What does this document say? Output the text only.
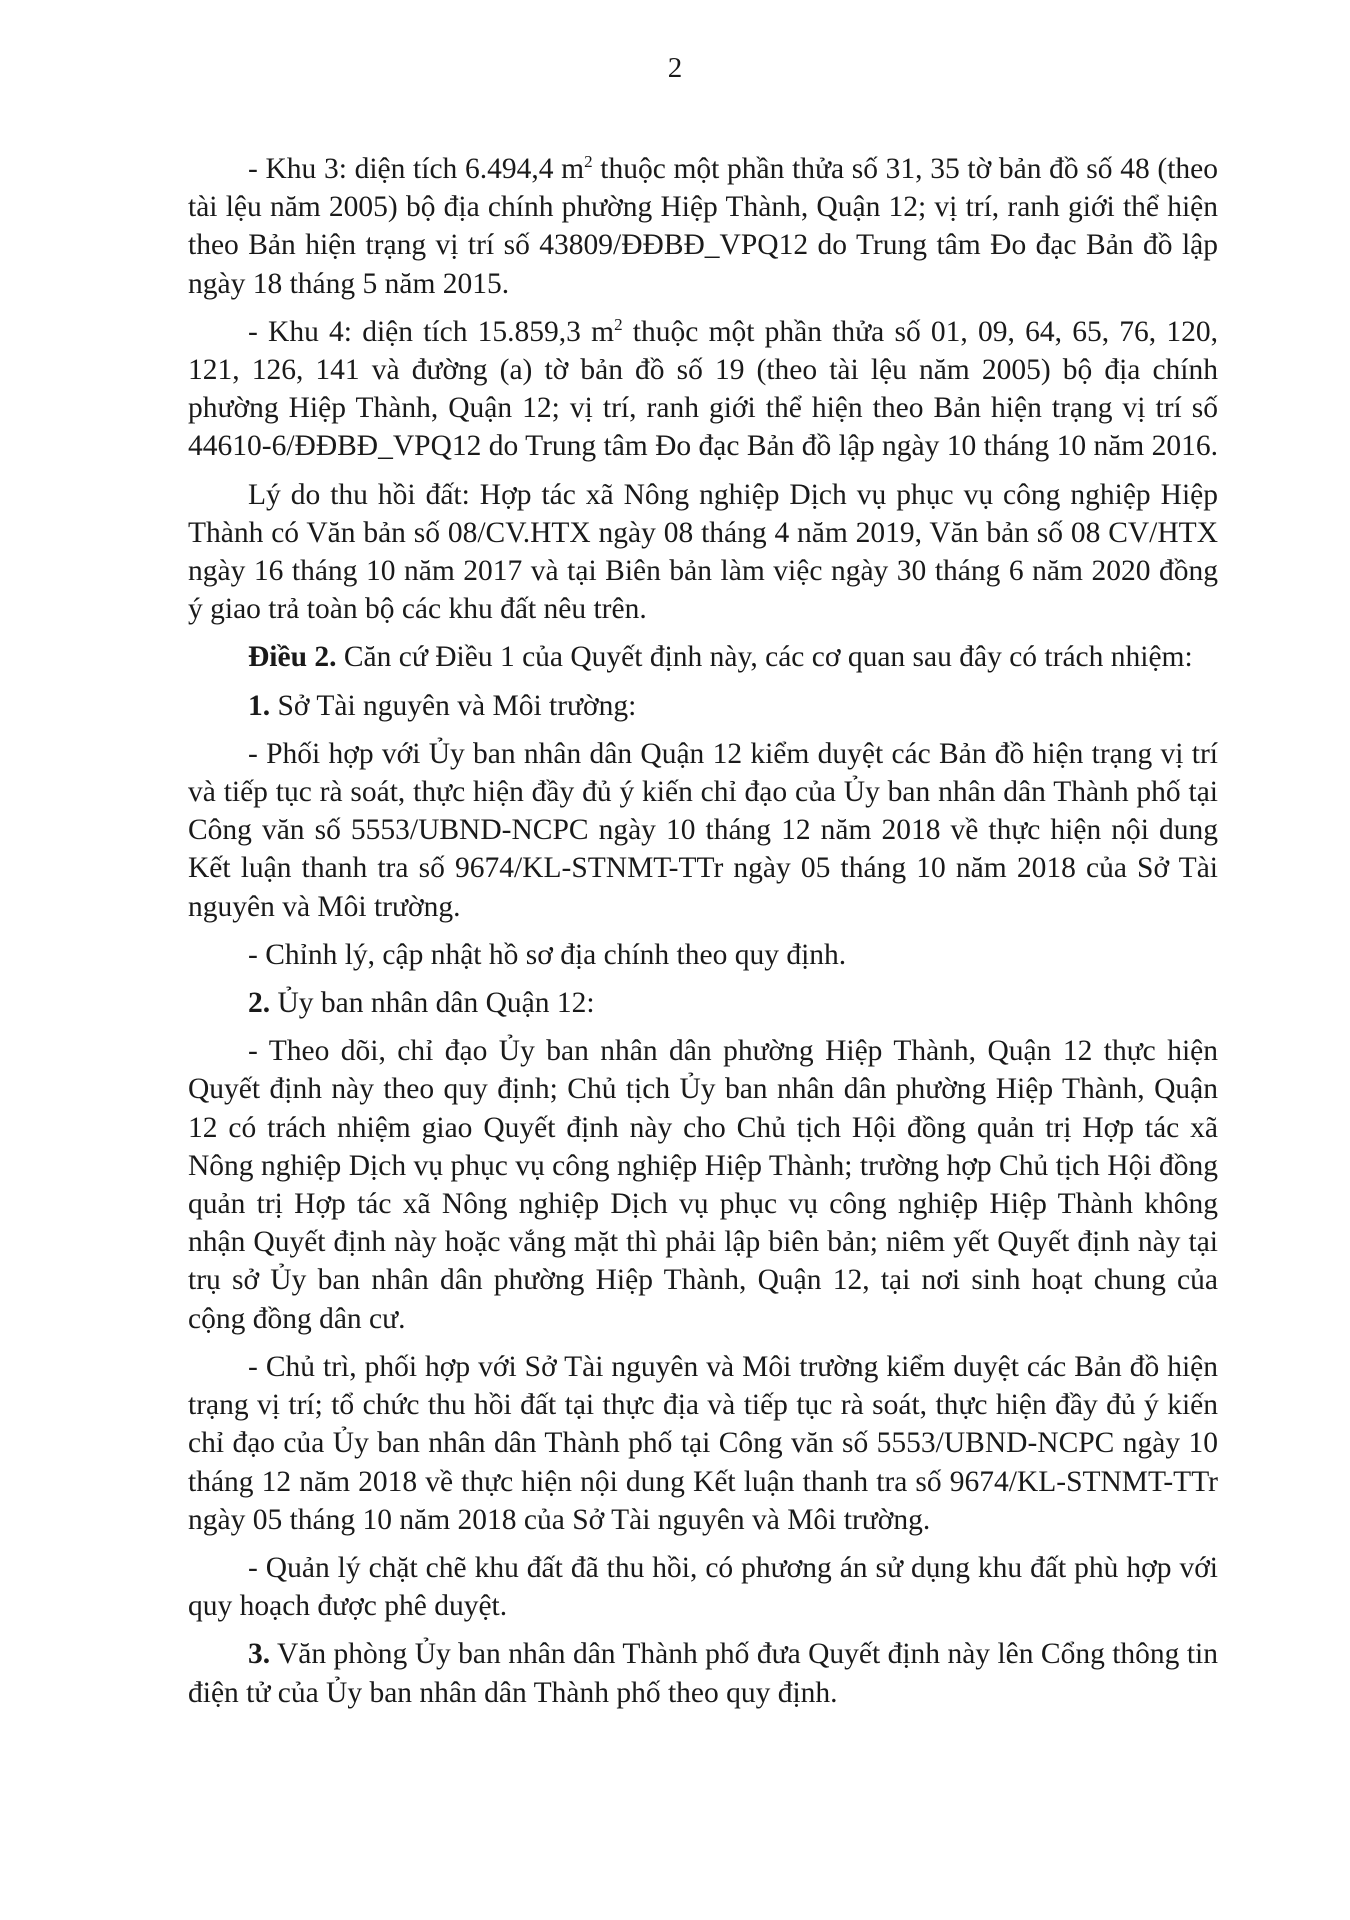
2

- Khu 3: diện tích 6.494,4 $m^2$ thuộc một phần thửa số 31, 35 tờ bản đồ số 48 (theo tài lệu năm 2005) bộ địa chính phường Hiệp Thành, Quận 12; vị trí, ranh giới thể hiện theo Bản hiện trạng vị trí số 43809/ĐĐBĐ_VPQ12 do Trung tâm Đo đạc Bản đồ lập ngày 18 tháng 5 năm 2015.

- Khu 4: diện tích 15.859,3 $m^2$ thuộc một phần thửa số 01, 09, 64, 65, 76, 120, 121, 126, 141 và đường (a) tờ bản đồ số 19 (theo tài lệu năm 2005) bộ địa chính phường Hiệp Thành, Quận 12; vị trí, ranh giới thể hiện theo Bản hiện trạng vị trí số 44610-6/ĐĐBĐ_VPQ12 do Trung tâm Đo đạc Bản đồ lập ngày 10 tháng 10 năm 2016.

Lý do thu hồi đất: Hợp tác xã Nông nghiệp Dịch vụ phục vụ công nghiệp Hiệp Thành có Văn bản số 08/CV.HTX ngày 08 tháng 4 năm 2019, Văn bản số 08 CV/HTX ngày 16 tháng 10 năm 2017 và tại Biên bản làm việc ngày 30 tháng 6 năm 2020 đồng ý giao trả toàn bộ các khu đất nêu trên.

Điều 2. Căn cứ Điều 1 của Quyết định này, các cơ quan sau đây có trách nhiệm:

1. Sở Tài nguyên và Môi trường:

- Phối hợp với Ủy ban nhân dân Quận 12 kiểm duyệt các Bản đồ hiện trạng vị trí và tiếp tục rà soát, thực hiện đầy đủ ý kiến chỉ đạo của Ủy ban nhân dân Thành phố tại Công văn số 5553/UBND-NCPC ngày 10 tháng 12 năm 2018 về thực hiện nội dung Kết luận thanh tra số 9674/KL-STNMT-TTr ngày 05 tháng 10 năm 2018 của Sở Tài nguyên và Môi trường.

- Chỉnh lý, cập nhật hồ sơ địa chính theo quy định.

2. Ủy ban nhân dân Quận 12:

- Theo dõi, chỉ đạo Ủy ban nhân dân phường Hiệp Thành, Quận 12 thực hiện Quyết định này theo quy định; Chủ tịch Ủy ban nhân dân phường Hiệp Thành, Quận 12 có trách nhiệm giao Quyết định này cho Chủ tịch Hội đồng quản trị Hợp tác xã Nông nghiệp Dịch vụ phục vụ công nghiệp Hiệp Thành; trường hợp Chủ tịch Hội đồng quản trị Hợp tác xã Nông nghiệp Dịch vụ phục vụ công nghiệp Hiệp Thành không nhận Quyết định này hoặc vắng mặt thì phải lập biên bản; niêm yết Quyết định này tại trụ sở Ủy ban nhân dân phường Hiệp Thành, Quận 12, tại nơi sinh hoạt chung của cộng đồng dân cư.

- Chủ trì, phối hợp với Sở Tài nguyên và Môi trường kiểm duyệt các Bản đồ hiện trạng vị trí; tổ chức thu hồi đất tại thực địa và tiếp tục rà soát, thực hiện đầy đủ ý kiến chỉ đạo của Ủy ban nhân dân Thành phố tại Công văn số 5553/UBND-NCPC ngày 10 tháng 12 năm 2018 về thực hiện nội dung Kết luận thanh tra số 9674/KL-STNMT-TTr ngày 05 tháng 10 năm 2018 của Sở Tài nguyên và Môi trường.

- Quản lý chặt chẽ khu đất đã thu hồi, có phương án sử dụng khu đất phù hợp với quy hoạch được phê duyệt.

3. Văn phòng Ủy ban nhân dân Thành phố đưa Quyết định này lên Cổng thông tin điện tử của Ủy ban nhân dân Thành phố theo quy định.
